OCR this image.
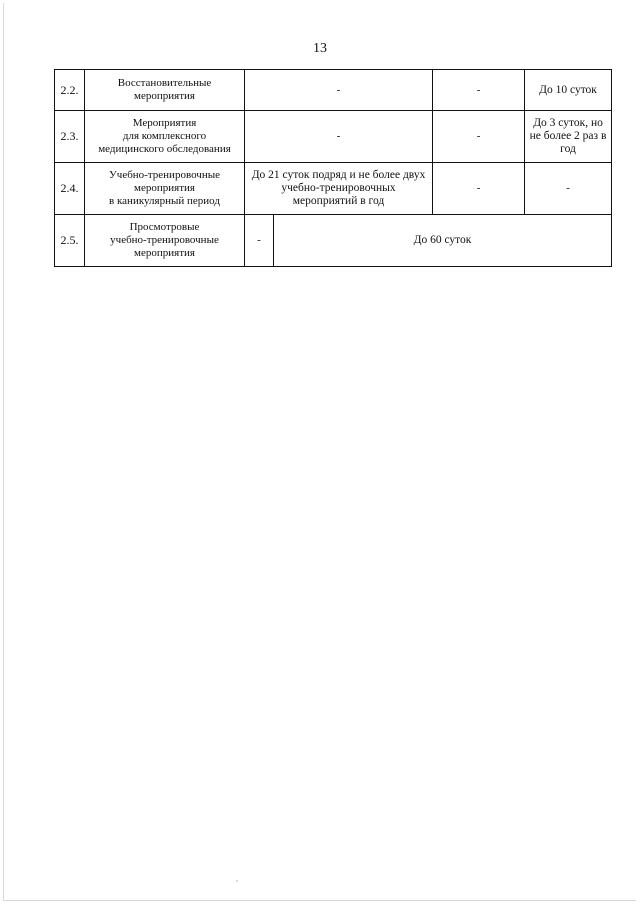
13
2.2.	Восстановительные
мероприятия	-		-	До 10 суток
2.3.	Мероприятия
для комплексного
медицинского обследования	-		-	До 3 суток, но не более 2 раз в
год
2.4.	Учебно-тренировочные
мероприятия
в каникулярный период	До 21 суток подряд и не более двух
учебно-тренировочных
мероприятий в год		-	-
2.5.	Просмотровые
учебно-тренировочные
мероприятия	-	До 60 суток		
